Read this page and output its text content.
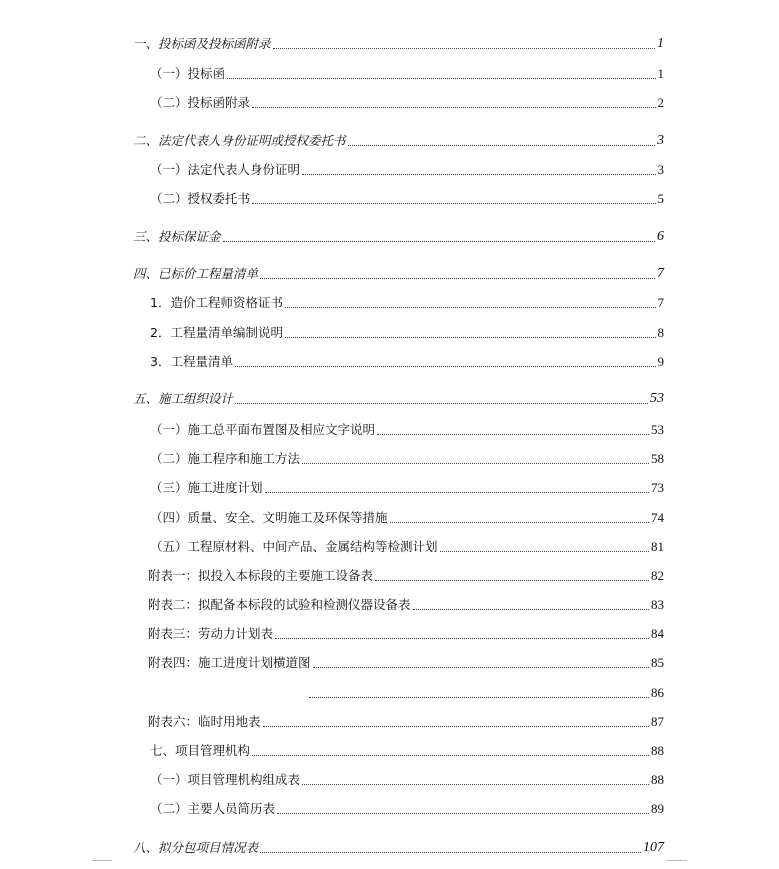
一、投标函及投标函附录	1
（一）投标函	1
（二）投标函附录	2
二、法定代表人身份证明或授权委托书	3
（一）法定代表人身份证明	3
（二）授权委托书	5
三、投标保证金	6
四、已标价工程量清单	7
1．造价工程师资格证书	7
2．工程量清单编制说明	8
3．工程量清单	9
五、施工组织设计	53
（一）施工总平面布置图及相应文字说明	53
（二）施工程序和施工方法	58
（三）施工进度计划	73
（四）质量、安全、文明施工及环保等措施	74
（五）工程原材料、中间产品、金属结构等检测计划	81
附表一：拟投入本标段的主要施工设备表	82
附表二：拟配备本标段的试验和检测仪器设备表	83
附表三：劳动力计划表	84
附表四：施工进度计划横道图	85
86
附表六：临时用地表	87
七、项目管理机构	88
（一）项目管理机构组成表	88
（二）主要人员简历表	89
八、拟分包项目情况表	107
